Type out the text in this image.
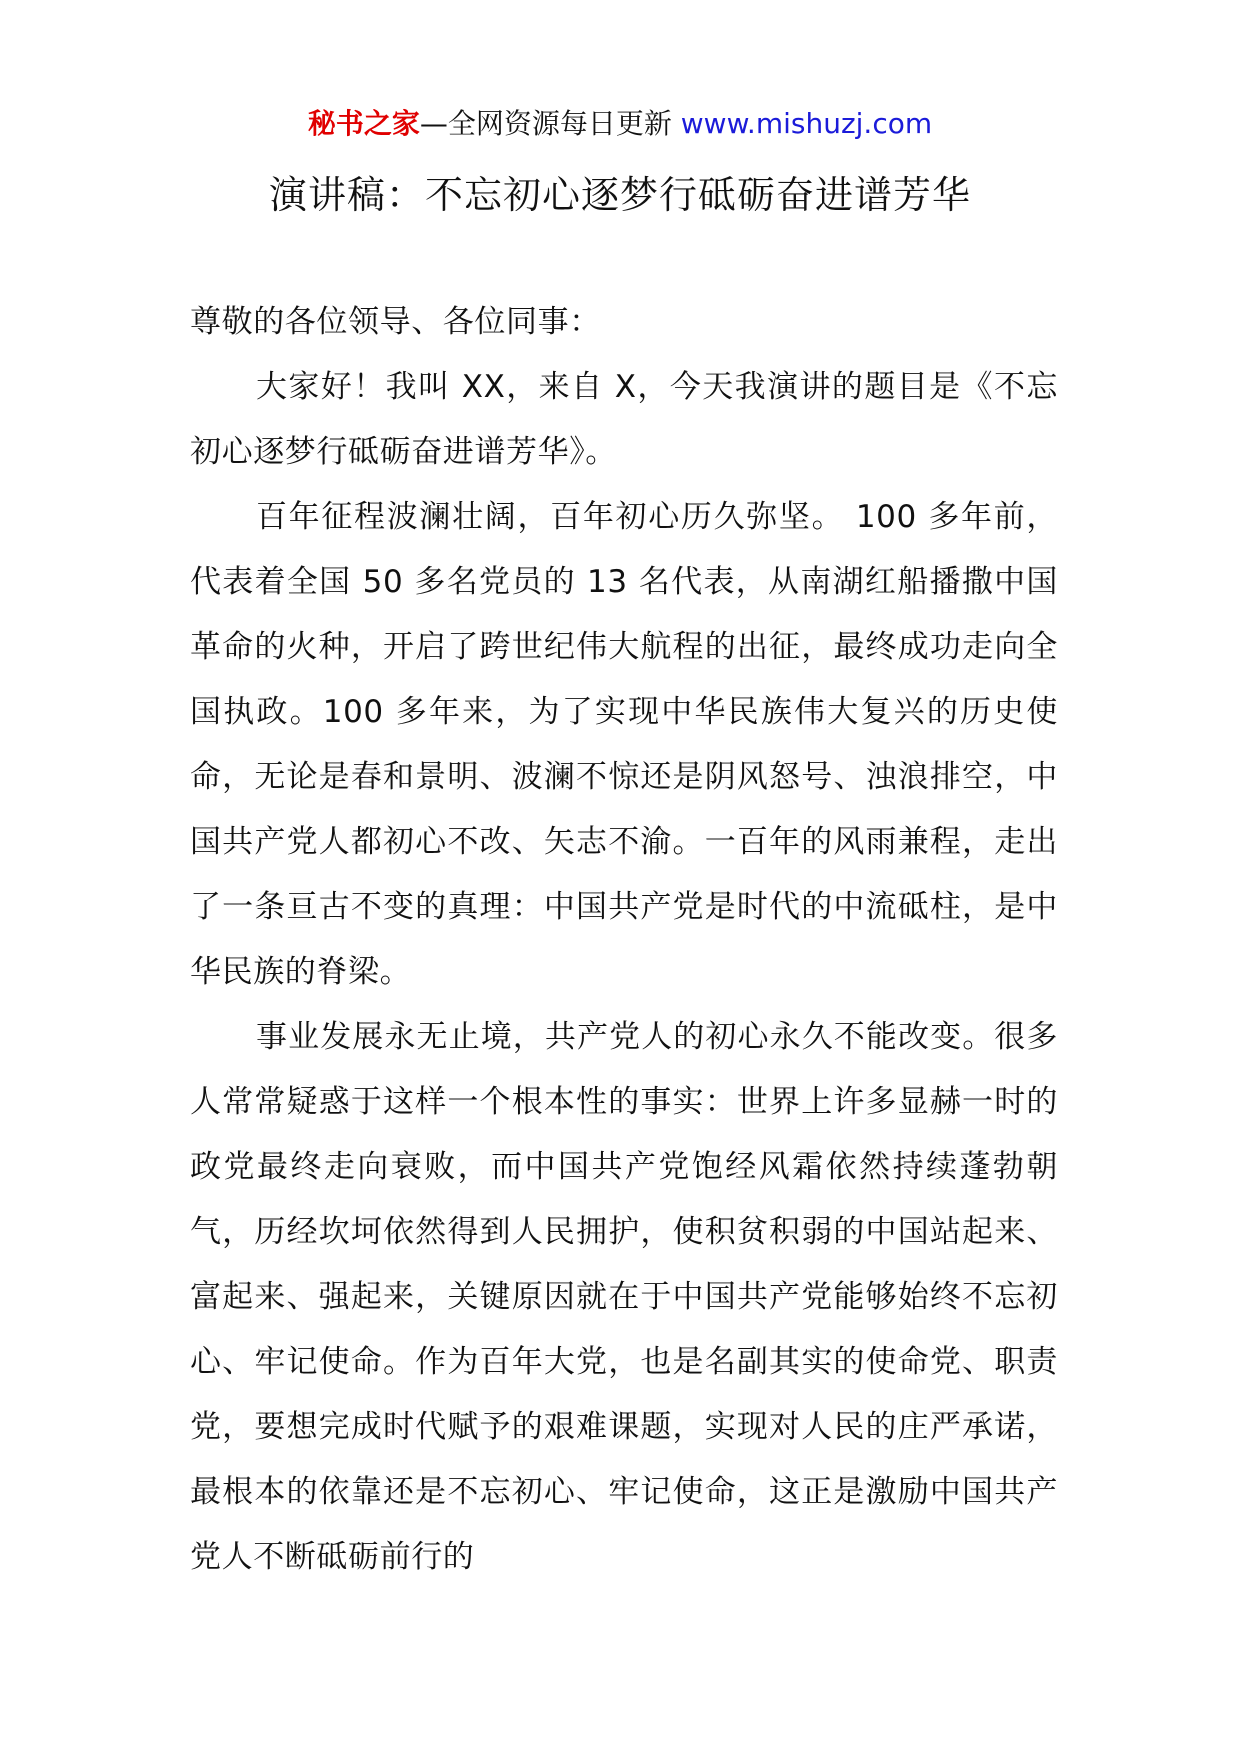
秘书之家—全网资源每日更新 www.mishuzj.com
演讲稿：不忘初心逐梦行砥砺奋进谱芳华

尊敬的各位领导、各位同事：

大家好！我叫 XX，来自 X，今天我演讲的题目是《不忘初心逐梦行砥砺奋进谱芳华》。

百年征程波澜壮阔，百年初心历久弥坚。 100 多年前，代表着全国 50 多名党员的 13 名代表，从南湖红船播撒中国革命的火种，开启了跨世纪伟大航程的出征，最终成功走向全国执政。100 多年来，为了实现中华民族伟大复兴的历史使命，无论是春和景明、波澜不惊还是阴风怒号、浊浪排空，中国共产党人都初心不改、矢志不渝。一百年的风雨兼程，走出了一条亘古不变的真理：中国共产党是时代的中流砥柱，是中华民族的脊梁。

事业发展永无止境，共产党人的初心永久不能改变。很多人常常疑惑于这样一个根本性的事实：世界上许多显赫一时的政党最终走向衰败，而中国共产党饱经风霜依然持续蓬勃朝气，历经坎坷依然得到人民拥护，使积贫积弱的中国站起来、富起来、强起来，关键原因就在于中国共产党能够始终不忘初心、牢记使命。作为百年大党，也是名副其实的使命党、职责党，要想完成时代赋予的艰难课题，实现对人民的庄严承诺，最根本的依靠还是不忘初心、牢记使命，这正是激励中国共产党人不断砥砺前行的
